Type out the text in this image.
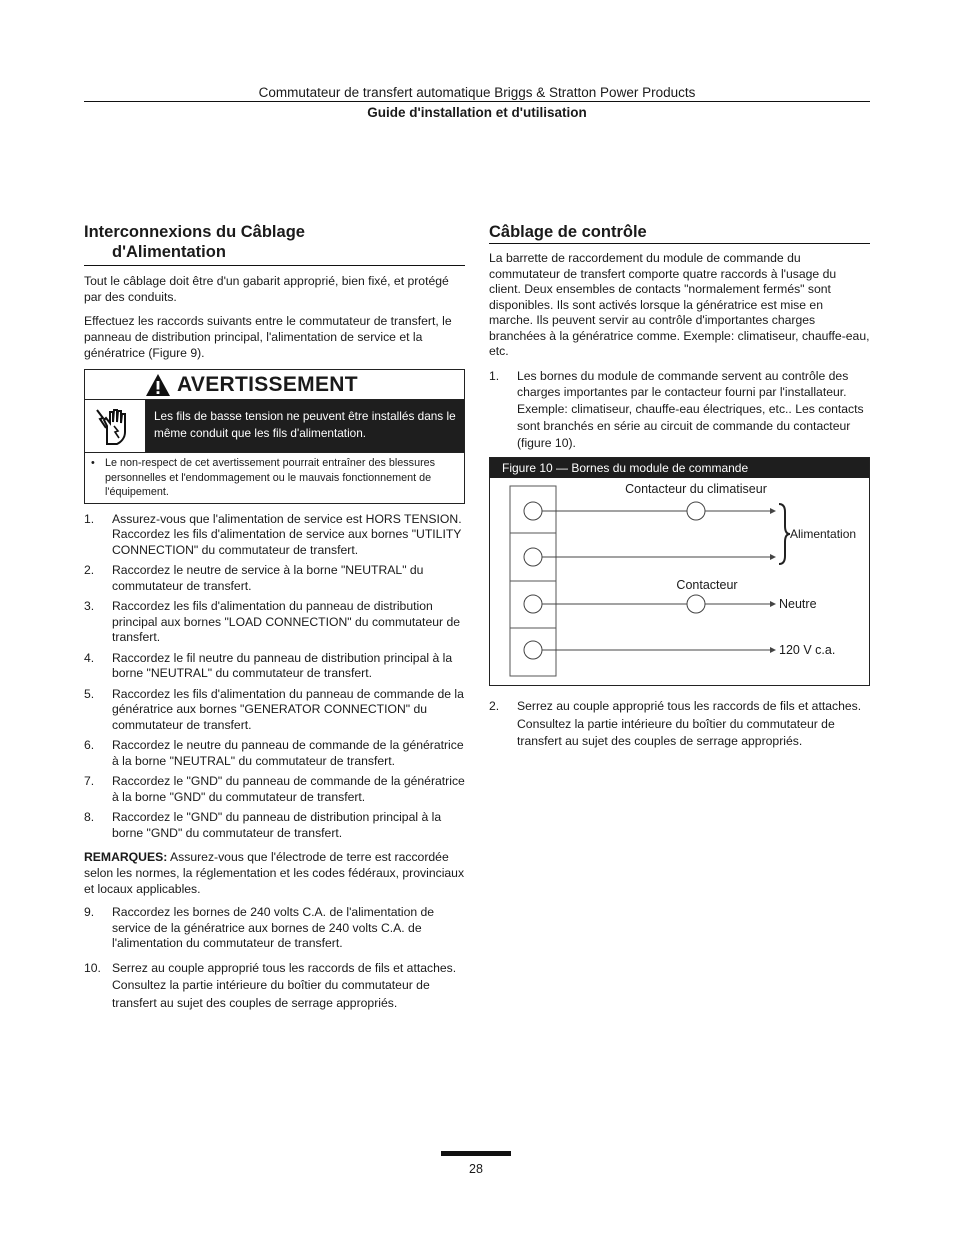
Commutateur de transfert automatique Briggs & Stratton Power Products
Guide d'installation et d'utilisation
Interconnexions du Câblage
d'Alimentation

Tout le câblage doit être d'un gabarit approprié, bien fixé, et protégé par des conduits.

Effectuez les raccords suivants entre le commutateur de transfert, le panneau de distribution principal, l'alimentation de service et la génératrice (Figure 9).

AVERTISSEMENT
Les fils de basse tension ne peuvent être installés dans le même conduit que les fils d'alimentation.
• Le non-respect de cet avertissement pourrait entraîner des blessures personnelles et l'endommagement ou le mauvais fonctionnement de l'équipement.
1.	Assurez-vous que l'alimentation de service est HORS TENSION. Raccordez les fils d'alimentation de service aux bornes "UTILITY CONNECTION" du commutateur de transfert.
2.	Raccordez le neutre de service à la borne "NEUTRAL" du commutateur de transfert.
3.	Raccordez les fils d'alimentation du panneau de distribution principal aux bornes "LOAD CONNECTION" du commutateur de transfert.
4.	Raccordez le fil neutre du panneau de distribution principal à la borne "NEUTRAL" du commutateur de transfert.
5.	Raccordez les fils d'alimentation du panneau de commande de la génératrice aux bornes "GENERATOR CONNECTION" du commutateur de transfert.
6.	Raccordez le neutre du panneau de commande de la génératrice à la borne "NEUTRAL" du commutateur de transfert.
7.	Raccordez le "GND" du panneau de commande de la génératrice à la borne "GND" du commutateur de transfert.
8.	Raccordez le "GND" du panneau de distribution principal à la borne "GND" du commutateur de transfert.

REMARQUES: Assurez-vous que l'électrode de terre est raccordée selon les normes, la réglementation et les codes fédéraux, provinciaux et locaux applicables.

9.	Raccordez les bornes de 240 volts C.A. de l'alimentation de service de la génératrice aux bornes de 240 volts C.A. de l'alimentation du commutateur de transfert.
10. Serrez au couple approprié tous les raccords de fils et attaches. Consultez la partie intérieure du boîtier du commutateur de transfert au sujet des couples de serrage appropriés.
Câblage de contrôle

La barrette de raccordement du module de commande du commutateur de transfert comporte quatre raccords à l'usage du client. Deux ensembles de contacts "normalement fermés" sont disponibles. Ils sont activés lorsque la génératrice est mise en marche. Ils peuvent servir au contrôle d'importantes charges branchées à la génératrice comme. Exemple: climatiseur, chauffe-eau, etc.

1.	Les bornes du module de commande servent au contrôle des charges importantes par le contacteur fourni par l'installateur. Exemple: climatiseur, chauffe-eau électriques, etc.. Les contacts sont branchés en série au circuit de commande du contacteur (figure 10).
Figure 10 — Bornes du module de commande
Contacteur du climatiseur
Alimentation
Contacteur
Neutre
120 V c.a.
2.	Serrez au couple approprié tous les raccords de fils et attaches. Consultez la partie intérieure du boîtier du commutateur de transfert au sujet des couples de serrage appropriés.
28
